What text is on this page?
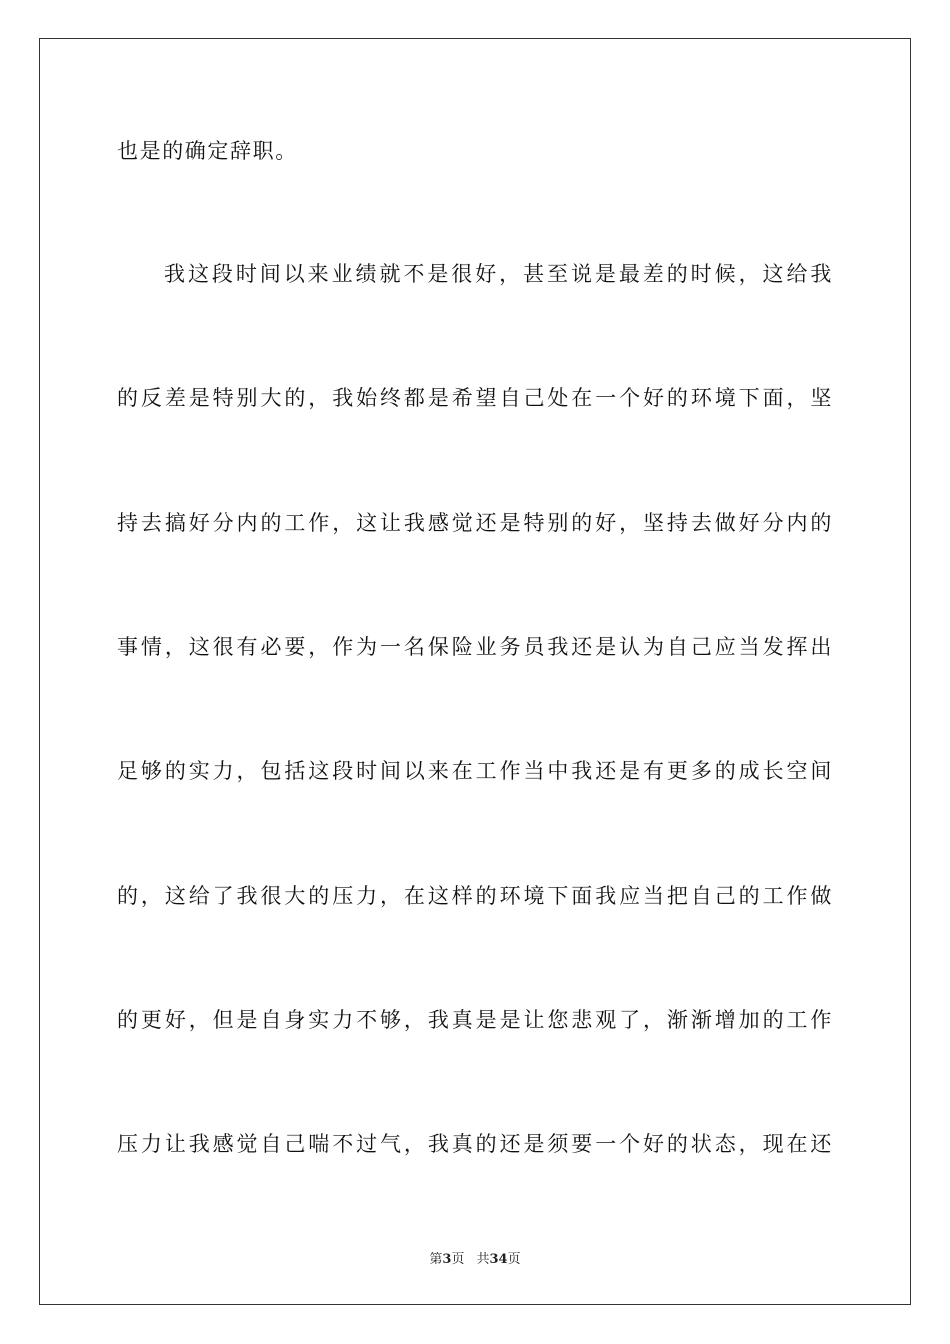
也是的确定辞职。
我这段时间以来业绩就不是很好，甚至说是最差的时候，这给我
的反差是特别大的，我始终都是希望自己处在一个好的环境下面，坚
持去搞好分内的工作，这让我感觉还是特别的好，坚持去做好分内的
事情，这很有必要，作为一名保险业务员我还是认为自己应当发挥出
足够的实力，包括这段时间以来在工作当中我还是有更多的成长空间
的，这给了我很大的压力，在这样的环境下面我应当把自己的工作做
的更好，但是自身实力不够，我真是是让您悲观了，渐渐增加的工作
压力让我感觉自己喘不过气，我真的还是须要一个好的状态，现在还
第3页 共34页
